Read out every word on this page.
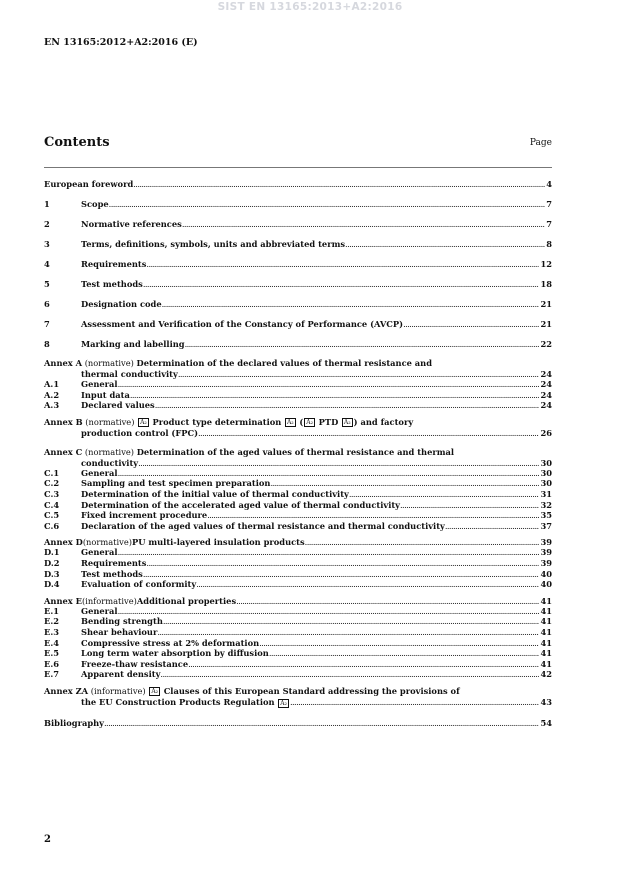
SIST EN 13165:2013+A2:2016
EN 13165:2012+A2:2016 (E)
Contents	Page
European foreword .....	4
1	Scope .....	7
2	Normative references .....	7
3	Terms, definitions, symbols, units and abbreviated terms .....	8
4	Requirements .....	12
5	Test methods .....	18
6	Designation code .....	21
7	Assessment and Verification of the Constancy of Performance (AVCP) .....	21
8	Marking and labelling .....	22
Annex A (normative) Determination of the declared values of thermal resistance and
thermal conductivity .....	24
A.1	General .....	24
A.2	Input data .....	24
A.3	Declared values .....	24
Annex B (normative) A₂ Product type determination A₂ ( A₂ PTD A₂ ) and factory
production control (FPC) .....	26
Annex C (normative) Determination of the aged values of thermal resistance and thermal
conductivity .....	30
C.1	General .....	30
C.2	Sampling and test specimen preparation .....	30
C.3	Determination of the initial value of thermal conductivity .....	31
C.4	Determination of the accelerated aged value of thermal conductivity .....	32
C.5	Fixed increment procedure .....	35
C.6	Declaration of the aged values of thermal resistance and thermal conductivity .....	37
Annex D (normative) PU multi-layered insulation products .....	39
D.1	General .....	39
D.2	Requirements .....	39
D.3	Test methods .....	40
D.4	Evaluation of conformity .....	40
Annex E (informative) Additional properties .....	41
E.1	General .....	41
E.2	Bending strength .....	41
E.3	Shear behaviour .....	41
E.4	Compressive stress at 2% deformation .....	41
E.5	Long term water absorption by diffusion .....	41
E.6	Freeze-thaw resistance .....	41
E.7	Apparent density .....	42
Annex ZA (informative) A₂ Clauses of this European Standard addressing the provisions of
the EU Construction Products Regulation
A₂ .....	43
Bibliography .....	54
2
